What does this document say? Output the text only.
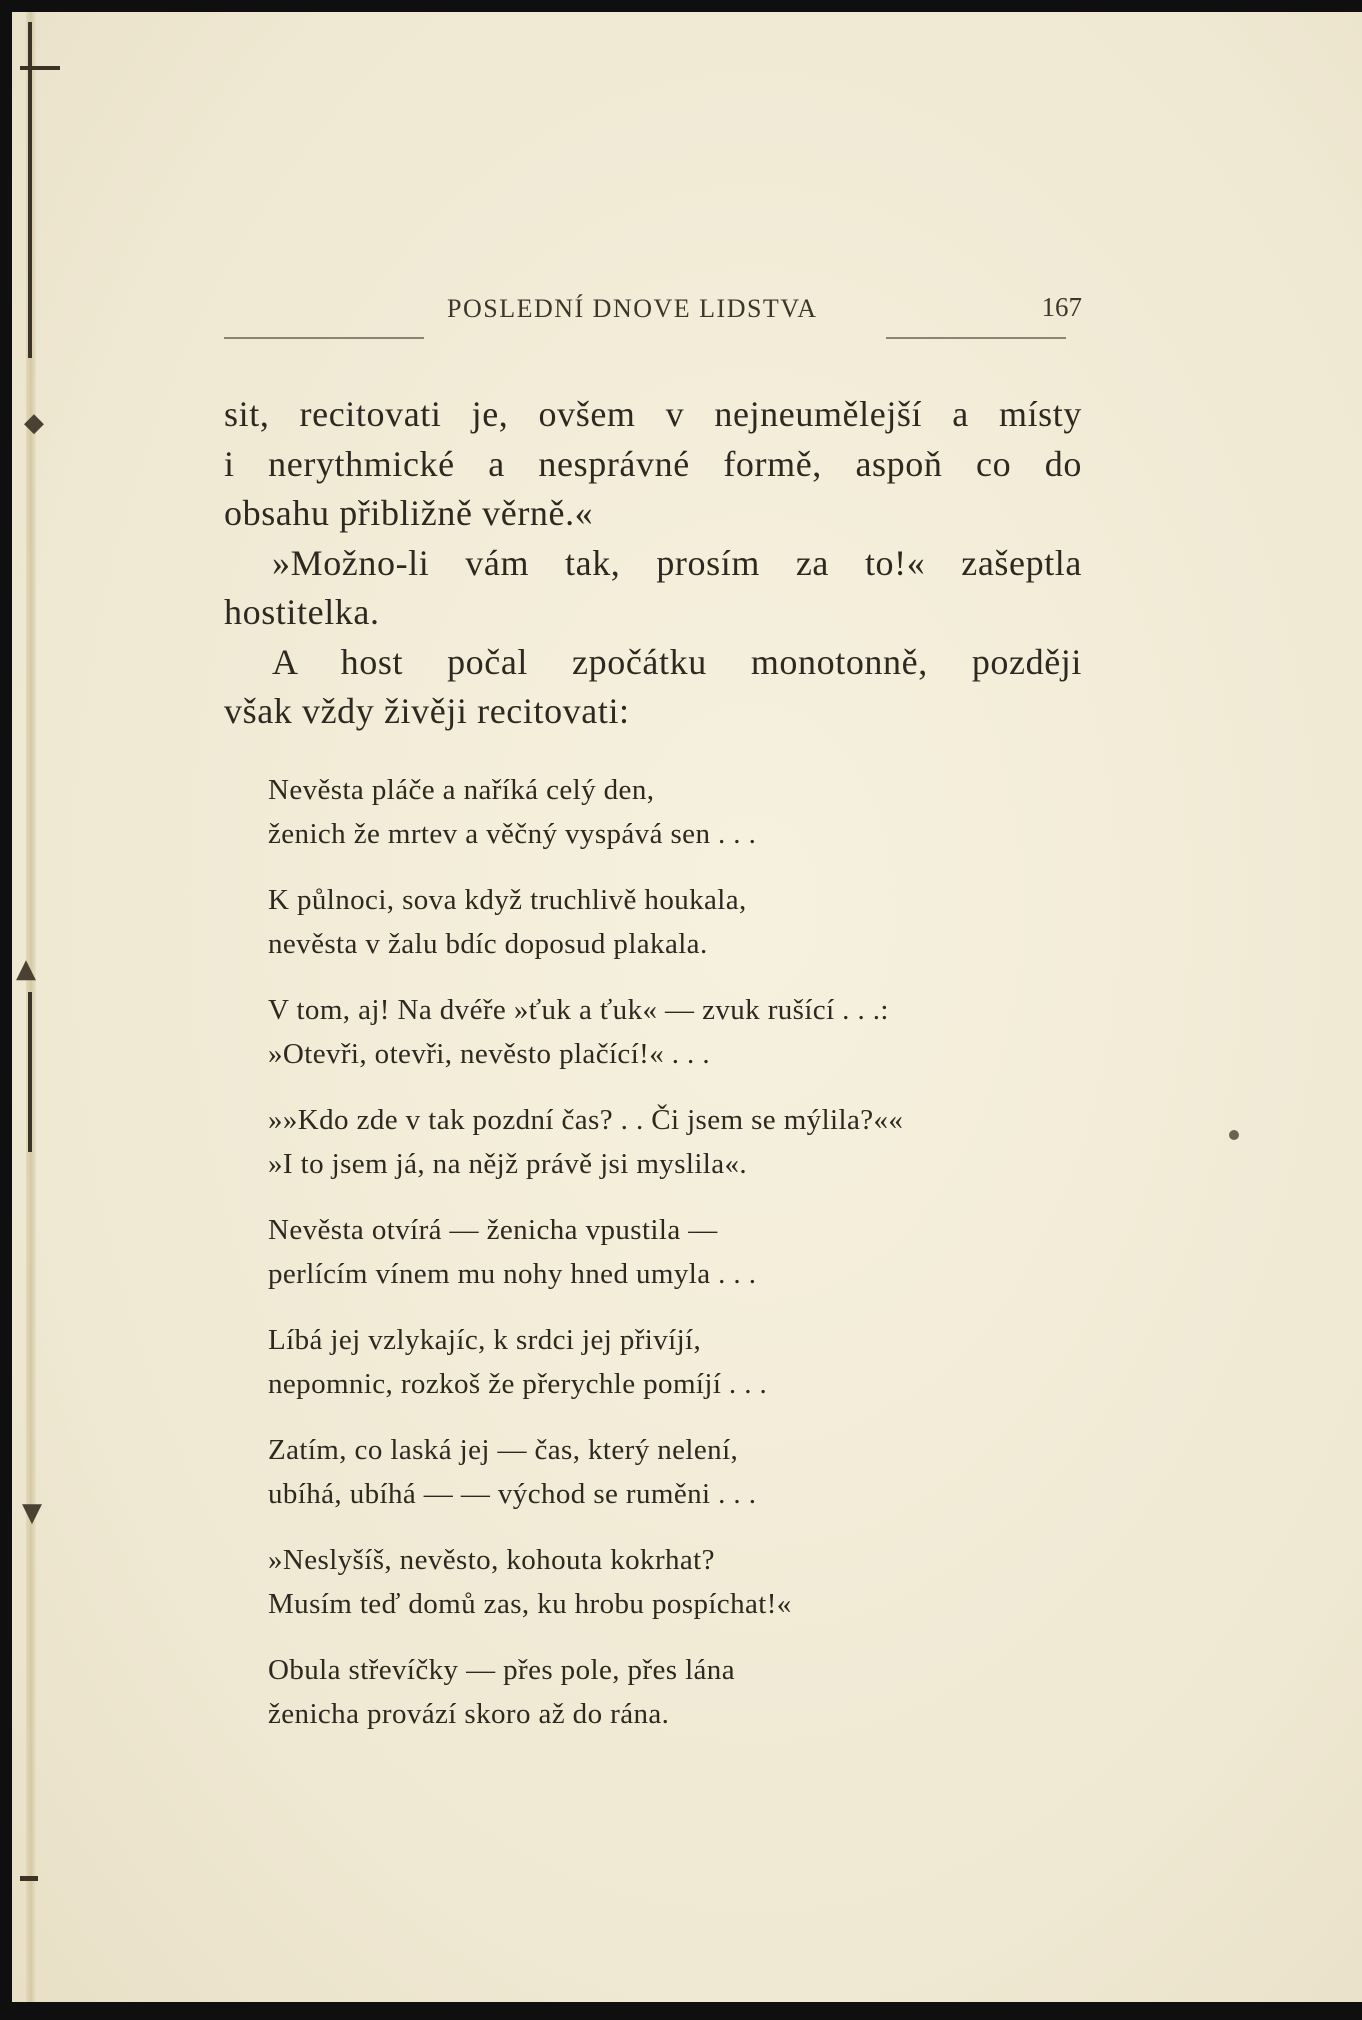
◆
▲
▼
POSLEDNÍ DNOVE LIDSTVA	167
sit, recitovati je, ovšem v nejneumělejší a místy
i nerythmické a nesprávné formě, aspoň co do
obsahu přibližně věrně.«
»Možno-li vám tak, prosím za to!« zašeptla
hostitelka.
A host počal zpočátku monotonně, později
však vždy živěji recitovati:
Nevěsta pláče a naříká celý den,
ženich že mrtev a věčný vyspává sen . . .
K půlnoci, sova když truchlivě houkala,
nevěsta v žalu bdíc doposud plakala.
V tom, aj! Na dvéře »ťuk a ťuk« — zvuk rušící . . .:
»Otevři, otevři, nevěsto plačící!« . . .
»»Kdo zde v tak pozdní čas? . . Či jsem se mýlila?««
»I to jsem já, na nějž právě jsi myslila«.
Nevěsta otvírá — ženicha vpustila —
perlícím vínem mu nohy hned umyla . . .
Líbá jej vzlykajíc, k srdci jej přivíjí,
nepomnic, rozkoš že přerychle pomíjí . . .
Zatím, co laská jej — čas, který nelení,
ubíhá, ubíhá — — východ se ruměni . . .
»Neslyšíš, nevěsto, kohouta kokrhat?
Musím teď domů zas, ku hrobu pospíchat!«
Obula střevíčky — přes pole, přes lána
ženicha provází skoro až do rána.
